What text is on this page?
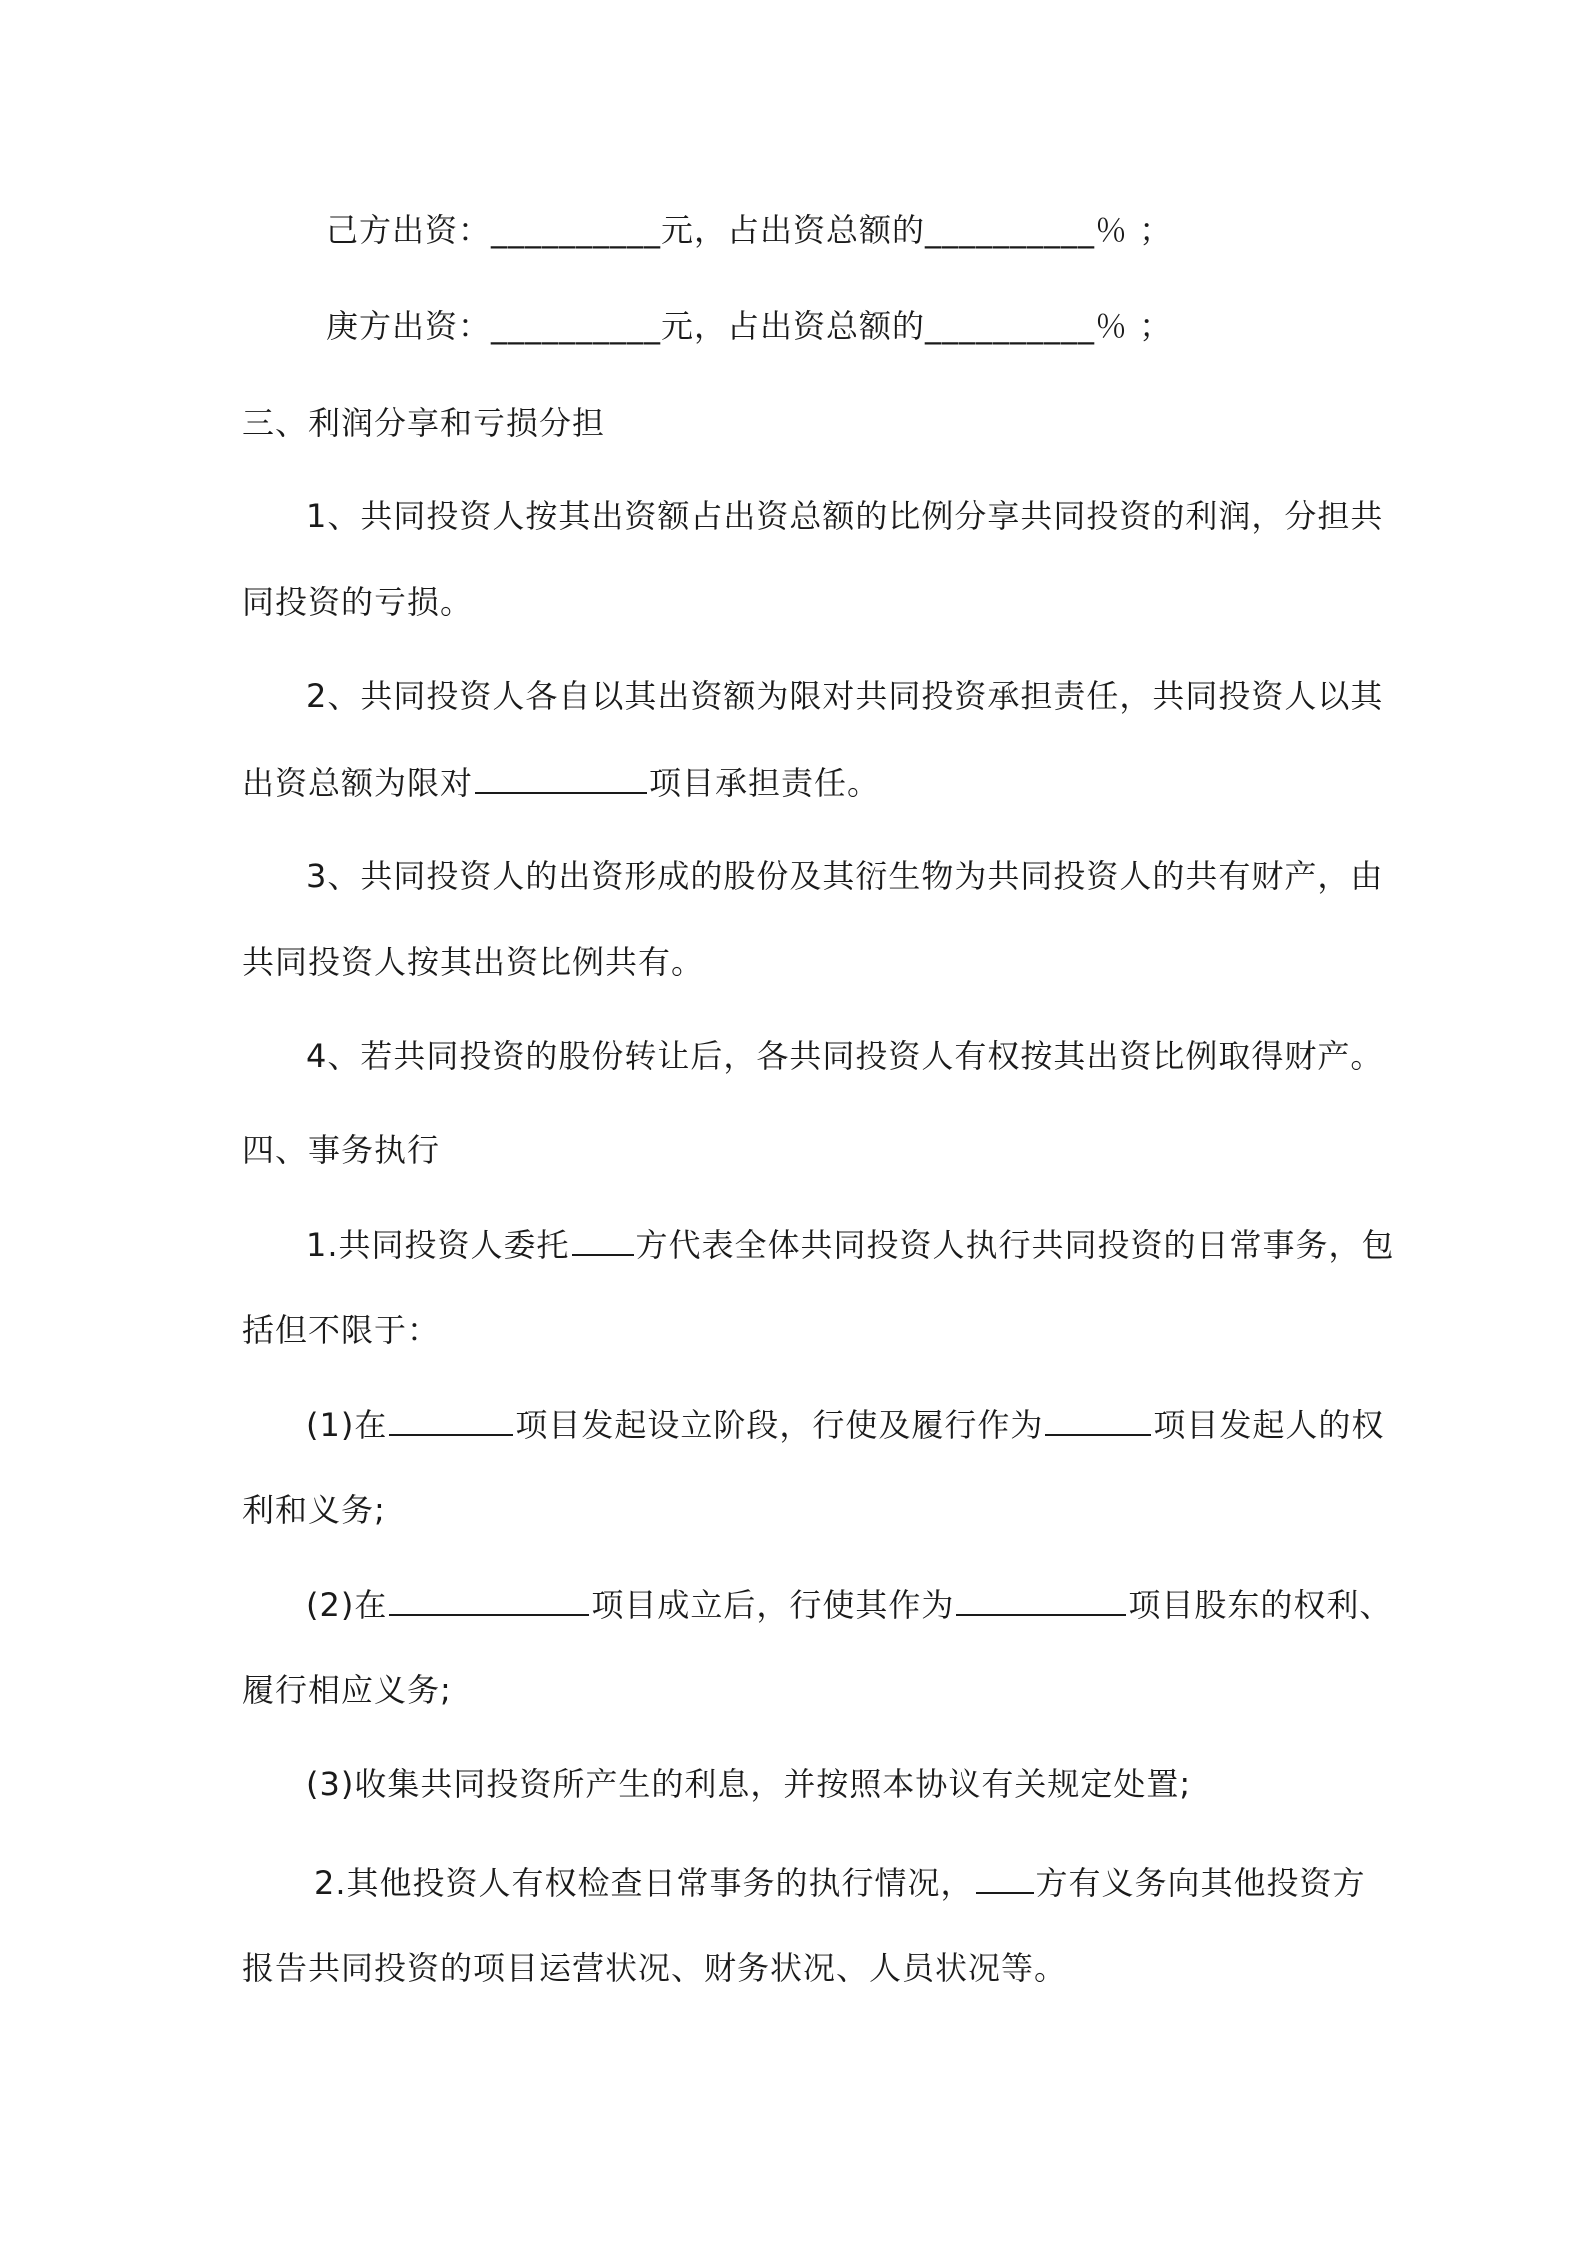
己方出资：__________元，占出资总额的__________％ ；
庚方出资：__________元，占出资总额的__________％ ；
三、利润分享和亏损分担
1、共同投资人按其出资额占出资总额的比例分享共同投资的利润，分担共
同投资的亏损。
2、共同投资人各自以其出资额为限对共同投资承担责任，共同投资人以其
出资总额为限对	项目承担责任。
3、共同投资人的出资形成的股份及其衍生物为共同投资人的共有财产，由
共同投资人按其出资比例共有。
4、若共同投资的股份转让后，各共同投资人有权按其出资比例取得财产。
四、事务执行
1.共同投资人委托 方代表全体共同投资人执行共同投资的日常事务，包
括但不限于：
(1)在	项目发起设立阶段，行使及履行作为	项目发起人的权
利和义务;
(2)在	项目成立后，行使其作为	项目股东的权利、
履行相应义务;
(3)收集共同投资所产生的利息，并按照本协议有关规定处置;
2.其他投资人有权检查日常事务的执行情况， 方有义务向其他投资方
报告共同投资的项目运营状况、财务状况、人员状况等。
